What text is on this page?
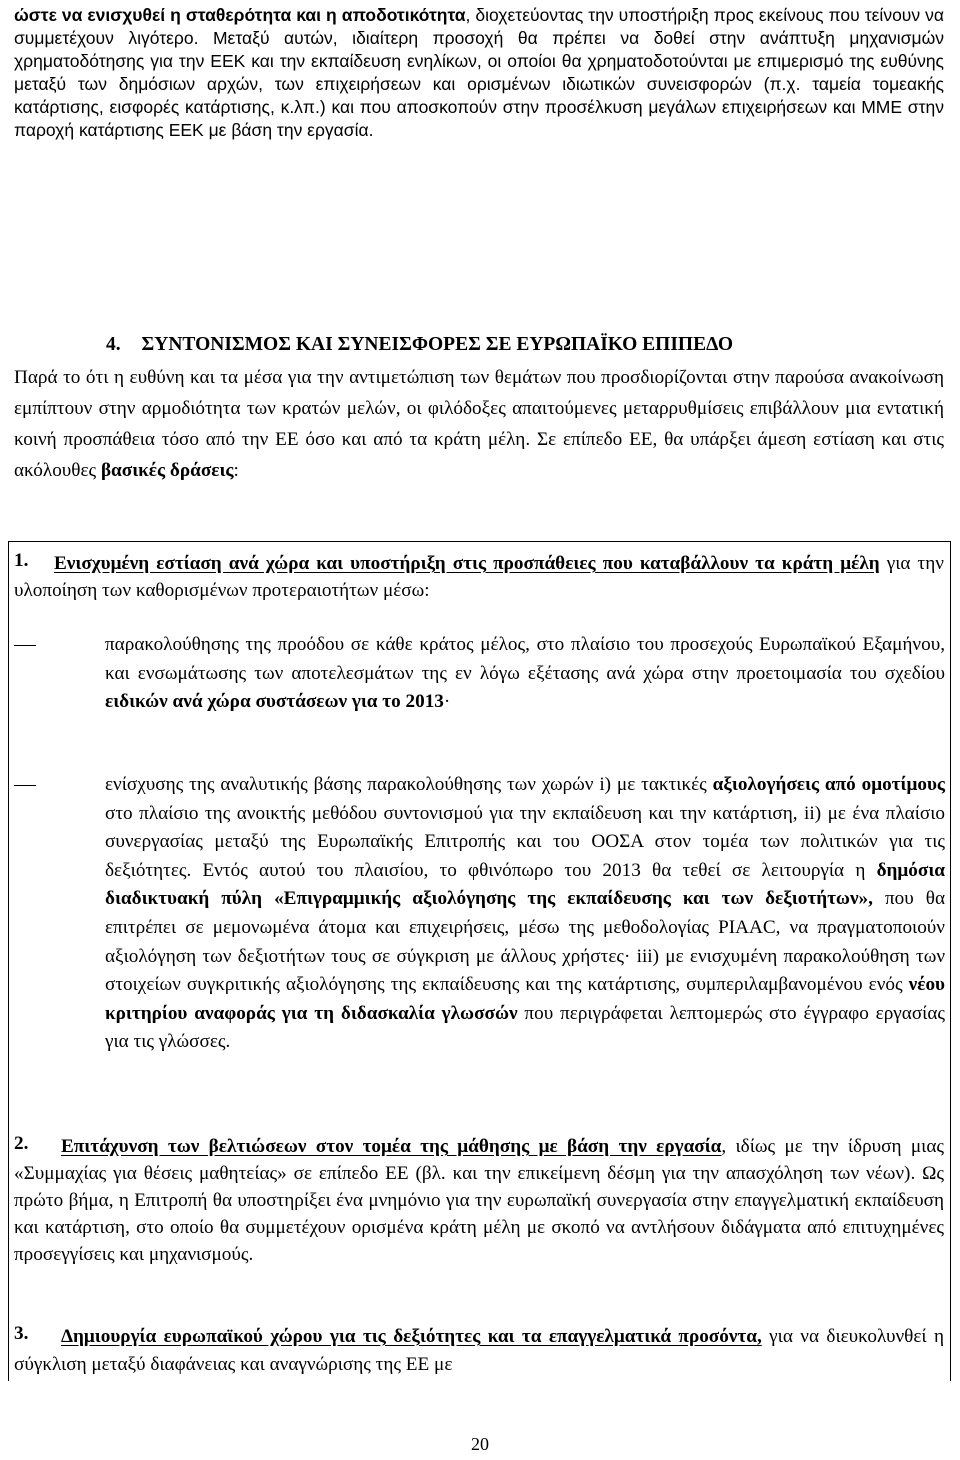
ώστε να ενισχυθεί η σταθερότητα και η αποδοτικότητα, διοχετεύοντας την υποστήριξη προς εκείνους που τείνουν να συμμετέχουν λιγότερο. Μεταξύ αυτών, ιδιαίτερη προσοχή θα πρέπει να δοθεί στην ανάπτυξη μηχανισμών χρηματοδότησης για την ΕΕΚ και την εκπαίδευση ενηλίκων, οι οποίοι θα χρηματοδοτούνται με επιμερισμό της ευθύνης μεταξύ των δημόσιων αρχών, των επιχειρήσεων και ορισμένων ιδιωτικών συνεισφορών (π.χ. ταμεία τομεακής κατάρτισης, εισφορές κατάρτισης, κ.λπ.) και που αποσκοπούν στην προσέλκυση μεγάλων επιχειρήσεων και ΜΜΕ στην παροχή κατάρτισης ΕΕΚ με βάση την εργασία.
4. ΣΥΝΤΟΝΙΣΜΟΣ ΚΑΙ ΣΥΝΕΙΣΦΟΡΕΣ ΣΕ ΕΥΡΩΠΑΪΚΟ ΕΠΙΠΕΔΟ
Παρά το ότι η ευθύνη και τα μέσα για την αντιμετώπιση των θεμάτων που προσδιορίζονται στην παρούσα ανακοίνωση εμπίπτουν στην αρμοδιότητα των κρατών μελών, οι φιλόδοξες απαιτούμενες μεταρρυθμίσεις επιβάλλουν μια εντατική κοινή προσπάθεια τόσο από την ΕΕ όσο και από τα κράτη μέλη. Σε επίπεδο ΕΕ, θα υπάρξει άμεση εστίαση και στις ακόλουθες βασικές δράσεις:
1.	Ενισχυμένη εστίαση ανά χώρα και υποστήριξη στις προσπάθειες που καταβάλλουν τα κράτη μέλη για την υλοποίηση των καθορισμένων προτεραιοτήτων μέσω:
παρακολούθησης της προόδου σε κάθε κράτος μέλος, στο πλαίσιο του προσεχούς Ευρωπαϊκού Εξαμήνου, και ενσωμάτωσης των αποτελεσμάτων της εν λόγω εξέτασης ανά χώρα στην προετοιμασία του σχεδίου ειδικών ανά χώρα συστάσεων για το 2013·
ενίσχυσης της αναλυτικής βάσης παρακολούθησης των χωρών i) με τακτικές αξιολογήσεις από ομοτίμους στο πλαίσιο της ανοικτής μεθόδου συντονισμού για την εκπαίδευση και την κατάρτιση, ii) με ένα πλαίσιο συνεργασίας μεταξύ της Ευρωπαϊκής Επιτροπής και του ΟΟΣΑ στον τομέα των πολιτικών για τις δεξιότητες. Εντός αυτού του πλαισίου, το φθινόπωρο του 2013 θα τεθεί σε λειτουργία η δημόσια διαδικτυακή πύλη «Επιγραμμικής αξιολόγησης της εκπαίδευσης και των δεξιοτήτων», που θα επιτρέπει σε μεμονωμένα άτομα και επιχειρήσεις, μέσω της μεθοδολογίας PIAAC, να πραγματοποιούν αξιολόγηση των δεξιοτήτων τους σε σύγκριση με άλλους χρήστες· iii) με ενισχυμένη παρακολούθηση των στοιχείων συγκριτικής αξιολόγησης της εκπαίδευσης και της κατάρτισης, συμπεριλαμβανομένου ενός νέου κριτηρίου αναφοράς για τη διδασκαλία γλωσσών που περιγράφεται λεπτομερώς στο έγγραφο εργασίας για τις γλώσσες.
2.	Επιτάχυνση των βελτιώσεων στον τομέα της μάθησης με βάση την εργασία, ιδίως με την ίδρυση μιας «Συμμαχίας για θέσεις μαθητείας» σε επίπεδο ΕΕ (βλ. και την επικείμενη δέσμη για την απασχόληση των νέων). Ως πρώτο βήμα, η Επιτροπή θα υποστηρίξει ένα μνημόνιο για την ευρωπαϊκή συνεργασία στην επαγγελματική εκπαίδευση και κατάρτιση, στο οποίο θα συμμετέχουν ορισμένα κράτη μέλη με σκοπό να αντλήσουν διδάγματα από επιτυχημένες προσεγγίσεις και μηχανισμούς.
3.	Δημιουργία ευρωπαϊκού χώρου για τις δεξιότητες και τα επαγγελματικά προσόντα, για να διευκολυνθεί η σύγκλιση μεταξύ διαφάνειας και αναγνώρισης της ΕΕ με
20
